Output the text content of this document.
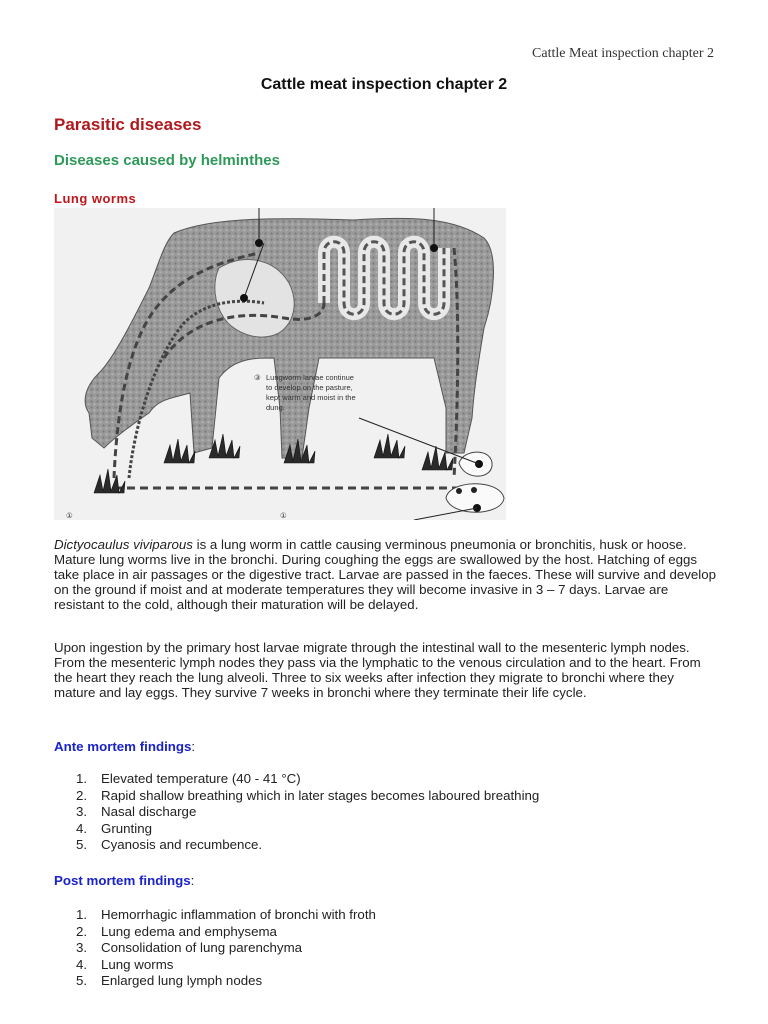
Cattle Meat inspection chapter 2
Cattle meat inspection chapter 2
Parasitic diseases
Diseases caused by helminthes
Lung worms
③ Lungworm larvae continue
to develop on the pasture,
kept warm and moist in the
dung.
①	①
Dictyocaulus viviparous is a lung worm in cattle causing verminous pneumonia or bronchitis, husk or hoose. Mature lung worms live in the bronchi. During coughing the eggs are swallowed by the host. Hatching of eggs take place in air passages or the digestive tract. Larvae are passed in the faeces. These will survive and develop on the ground if moist and at moderate temperatures they will become invasive in 3 – 7 days. Larvae are resistant to the cold, although their maturation will be delayed.
Upon ingestion by the primary host larvae migrate through the intestinal wall to the mesenteric lymph nodes. From the mesenteric lymph nodes they pass via the lymphatic to the venous circulation and to the heart. From the heart they reach the lung alveoli. Three to six weeks after infection they migrate to bronchi where they mature and lay eggs. They survive 7 weeks in bronchi where they terminate their life cycle.
Ante mortem findings:
1. Elevated temperature (40 - 41 °C)
2. Rapid shallow breathing which in later stages becomes laboured breathing
3. Nasal discharge
4. Grunting
5. Cyanosis and recumbence.
Post mortem findings:
1. Hemorrhagic inflammation of bronchi with froth
2. Lung edema and emphysema
3. Consolidation of lung parenchyma
4. Lung worms
5. Enlarged lung lymph nodes
